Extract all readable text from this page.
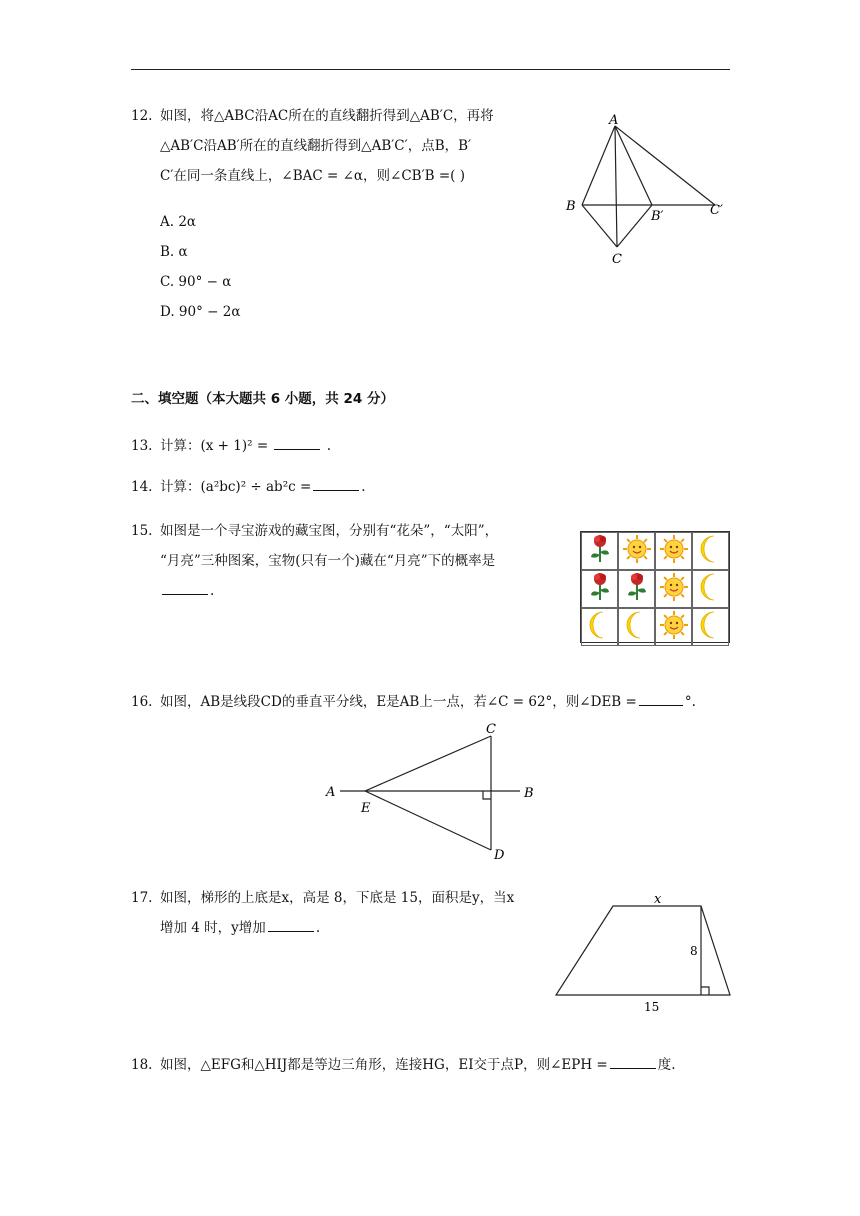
12. 如图，将△ABC沿AC所在的直线翻折得到△AB′C，再将
△AB′C沿AB′所在的直线翻折得到△AB′C′，点B，B′
C′在同一条直线上，∠BAC = ∠α，则∠CB′B =( )
A. 2α
B. α
C. 90° − α
D. 90° − 2α
A
B
B′	C′
C
二、填空题（本大题共 6 小题，共 24 分）
13. 计算：(x + 1)² =	.
14. 计算：(a²bc)² ÷ ab²c =	.
15. 如图是一个寻宝游戏的藏宝图，分别有“花朵”，“太阳”，
“月亮”三种图案，宝物(只有一个)藏在“月亮”下的概率是
.
16. 如图，AB是线段CD的垂直平分线，E是AB上一点，若∠C = 62°，则∠DEB =	°.
A
E
B
C
D
17. 如图，梯形的上底是x，高是 8，下底是 15，面积是y，当x
增加 4 时，y增加	.
x
8
15
18. 如图，△EFG和△HIJ都是等边三角形，连接HG，EI交于点P，则∠EPH =	度.
